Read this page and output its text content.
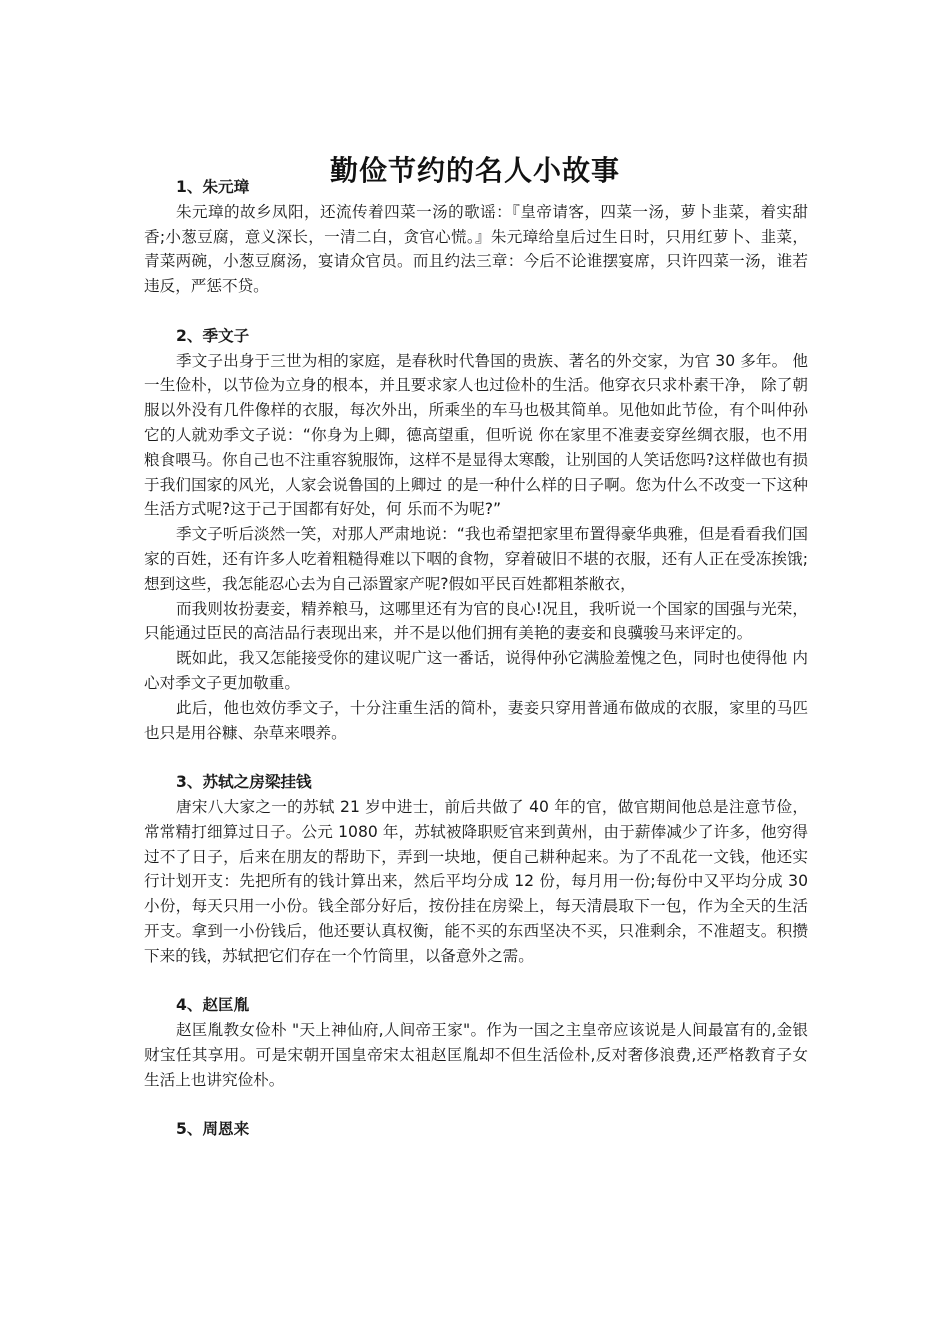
勤俭节约的名人小故事

1、朱元璋

朱元璋的故乡凤阳，还流传着四菜一汤的歌谣：『皇帝请客，四菜一汤，萝卜韭菜，着实甜香;小葱豆腐，意义深长，一清二白，贪官心慌。』朱元璋给皇后过生日时，只用红萝卜、韭菜，青菜两碗，小葱豆腐汤，宴请众官员。而且约法三章：今后不论谁摆宴席，只许四菜一汤，谁若违反，严惩不贷。

2、季文子

季文子出身于三世为相的家庭，是春秋时代鲁国的贵族、著名的外交家，为官 30 多年。 他一生俭朴，以节俭为立身的根本，并且要求家人也过俭朴的生活。他穿衣只求朴素干净， 除了朝服以外没有几件像样的衣服，每次外出，所乘坐的车马也极其简单。见他如此节俭，有个叫仲孙它的人就劝季文子说：“你身为上卿，德高望重，但听说 你在家里不准妻妾穿丝绸衣服，也不用粮食喂马。你自己也不注重容貌服饰，这样不是显得太寒酸，让别国的人笑话您吗?这样做也有损于我们国家的风光，人家会说鲁国的上卿过 的是一种什么样的日子啊。您为什么不改变一下这种生活方式呢?这于己于国都有好处，何 乐而不为呢?”

季文子听后淡然一笑，对那人严肃地说：“我也希望把家里布置得豪华典雅，但是看看我们国家的百姓，还有许多人吃着粗糙得难以下咽的食物，穿着破旧不堪的衣服，还有人正在受冻挨饿;想到这些，我怎能忍心去为自己添置家产呢?假如平民百姓都粗茶敝衣，

而我则妆扮妻妾，精养粮马，这哪里还有为官的良心!况且，我听说一个国家的国强与光荣， 只能通过臣民的高洁品行表现出来，并不是以他们拥有美艳的妻妾和良骥骏马来评定的。

既如此，我又怎能接受你的建议呢广这一番话，说得仲孙它满脸羞愧之色，同时也使得他 内心对季文子更加敬重。

此后，他也效仿季文子，十分注重生活的简朴，妻妾只穿用普通布做成的衣服，家里的马匹也只是用谷糠、杂草来喂养。

3、苏轼之房梁挂钱

唐宋八大家之一的苏轼 21 岁中进士，前后共做了 40 年的官，做官期间他总是注意节俭，常常精打细算过日子。公元 1080 年，苏轼被降职贬官来到黄州，由于薪俸减少了许多，他穷得过不了日子，后来在朋友的帮助下，弄到一块地，便自己耕种起来。为了不乱花一文钱，他还实行计划开支：先把所有的钱计算出来，然后平均分成 12 份，每月用一份;每份中又平均分成 30 小份，每天只用一小份。钱全部分好后，按份挂在房梁上，每天清晨取下一包，作为全天的生活开支。拿到一小份钱后，他还要认真权衡，能不买的东西坚决不买，只准剩余，不准超支。积攒下来的钱，苏轼把它们存在一个竹筒里，以备意外之需。

4、赵匡胤

赵匡胤教女俭朴 "天上神仙府,人间帝王家"。作为一国之主皇帝应该说是人间最富有的,金银财宝任其享用。可是宋朝开国皇帝宋太祖赵匡胤却不但生活俭朴,反对奢侈浪费,还严格教育子女生活上也讲究俭朴。

5、周恩来
